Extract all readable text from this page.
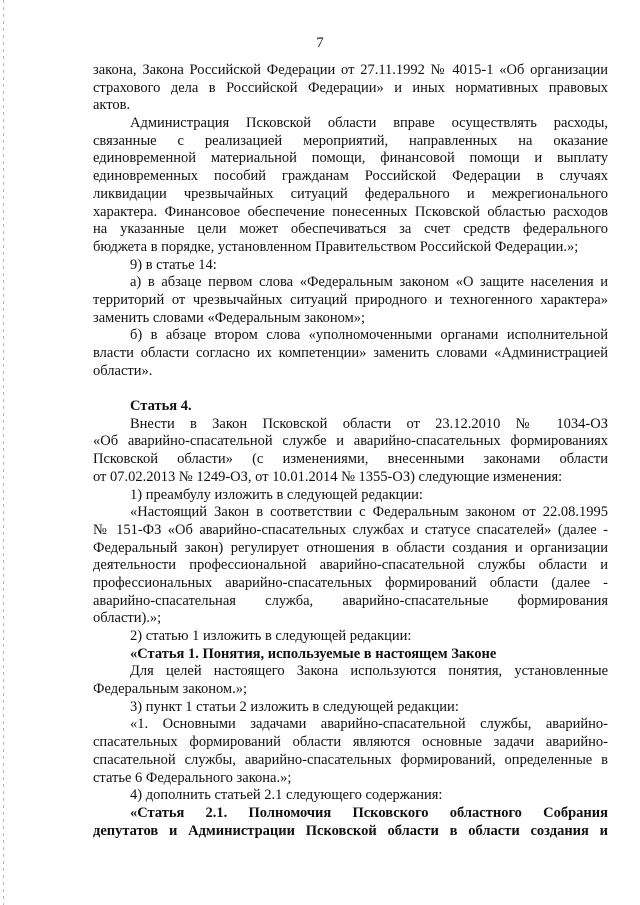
7
закона, Закона Российской Федерации от 27.11.1992 № 4015-1 «Об организации
страхового дела в Российской Федерации» и иных нормативных правовых
актов.
Администрация Псковской области вправе осуществлять расходы,
связанные с реализацией мероприятий, направленных на оказание
единовременной материальной помощи, финансовой помощи и выплату
единовременных пособий гражданам Российской Федерации в случаях
ликвидации чрезвычайных ситуаций федерального и межрегионального
характера. Финансовое обеспечение понесенных Псковской областью расходов
на указанные цели может обеспечиваться за счет средств федерального
бюджета в порядке, установленном Правительством Российской Федерации.»;
9) в статье 14:
а) в абзаце первом слова «Федеральным законом «О защите населения и
территорий от чрезвычайных ситуаций природного и техногенного характера»
заменить словами «Федеральным законом»;
б) в абзаце втором слова «уполномоченными органами исполнительной
власти области согласно их компетенции» заменить словами «Администрацией
области».
Статья 4.
Внести в Закон Псковской области от 23.12.2010 № 1034-ОЗ
«Об аварийно-спасательной службе и аварийно-спасательных формированиях
Псковской области» (с изменениями, внесенными законами области
от 07.02.2013 № 1249-ОЗ, от 10.01.2014 № 1355-ОЗ) следующие изменения:
1) преамбулу изложить в следующей редакции:
«Настоящий Закон в соответствии с Федеральным законом от 22.08.1995
№ 151-ФЗ «Об аварийно-спасательных службах и статусе спасателей» (далее -
Федеральный закон) регулирует отношения в области создания и организации
деятельности профессиональной аварийно-спасательной службы области и
профессиональных аварийно-спасательных формирований области (далее -
аварийно-спасательная служба, аварийно-спасательные формирования
области).»;
2) статью 1 изложить в следующей редакции:
«Статья 1. Понятия, используемые в настоящем Законе
Для целей настоящего Закона используются понятия, установленные
Федеральным законом.»;
3) пункт 1 статьи 2 изложить в следующей редакции:
«1. Основными задачами аварийно-спасательной службы, аварийно-
спасательных формирований области являются основные задачи аварийно-
спасательной службы, аварийно-спасательных формирований, определенные в
статье 6 Федерального закона.»;
4) дополнить статьей 2.1 следующего содержания:
«Статья 2.1. Полномочия Псковского областного Собрания
депутатов и Администрации Псковской области в области создания и
